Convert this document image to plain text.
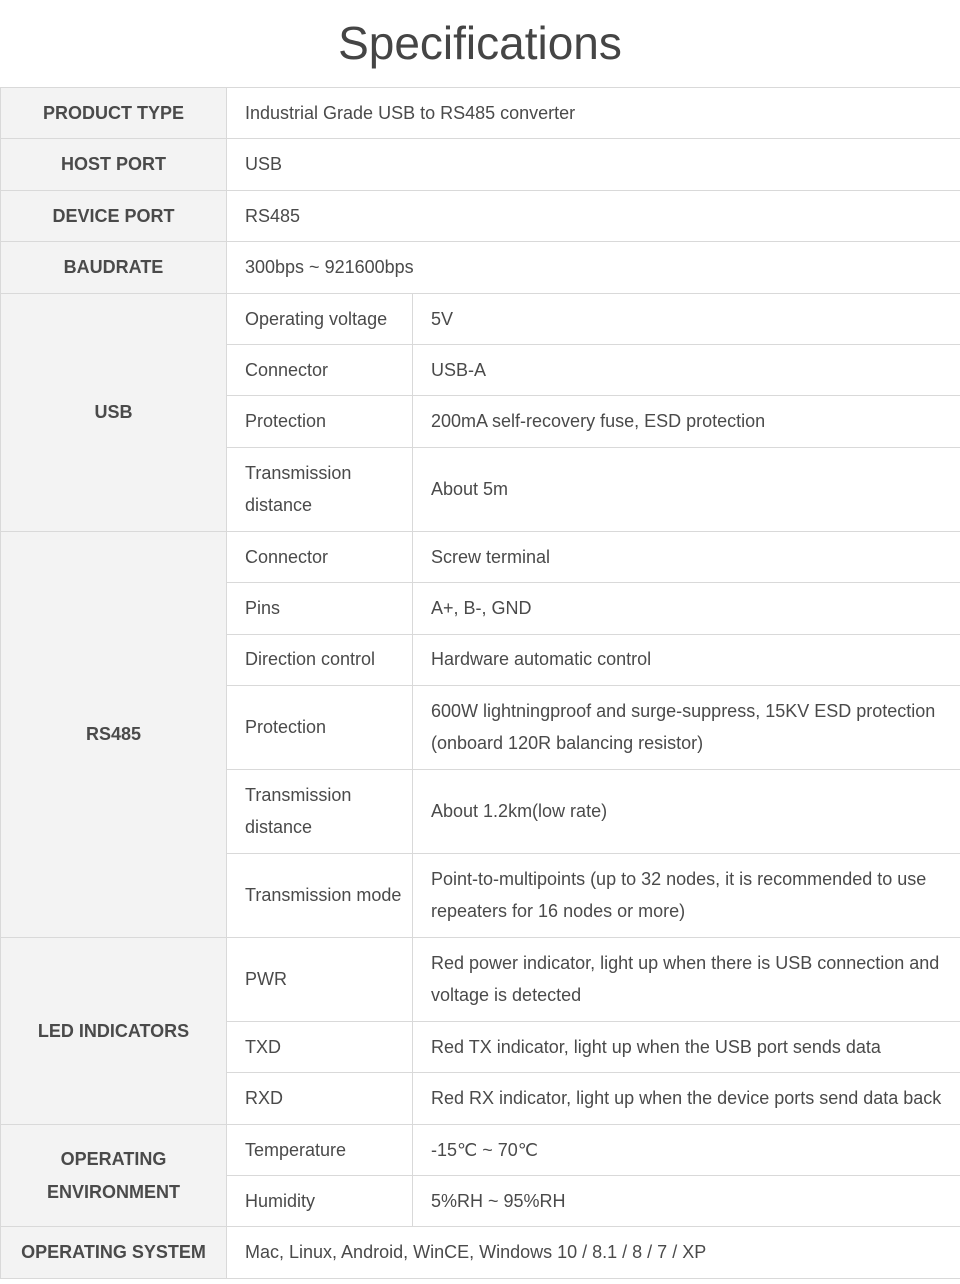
Specifications
PRODUCT TYPE	Industrial Grade USB to RS485 converter	
HOST PORT	USB	
DEVICE PORT	RS485	
BAUDRATE	300bps ~ 921600bps	
USB	Operating voltage	5V
	Connector	USB-A
	Protection	200mA self-recovery fuse, ESD protection
	Transmission distance	About 5m
RS485	Connector	Screw terminal
	Pins	A+, B-, GND
	Direction control	Hardware automatic control
	Protection	600W lightningproof and surge-suppress, 15KV ESD protection (onboard 120R balancing resistor)
	Transmission distance	About 1.2km(low rate)
	Transmission mode	Point-to-multipoints (up to 32 nodes, it is recommended to use repeaters for 16 nodes or more)
LED INDICATORS	PWR	Red power indicator, light up when there is USB connection and voltage is detected
	TXD	Red TX indicator, light up when the USB port sends data
	RXD	Red RX indicator, light up when the device ports send data back
OPERATING ENVIRONMENT	Temperature	-15℃ ~ 70℃
	Humidity	5%RH ~ 95%RH
OPERATING SYSTEM	Mac, Linux, Android, WinCE, Windows 10 / 8.1 / 8 / 7 / XP	
